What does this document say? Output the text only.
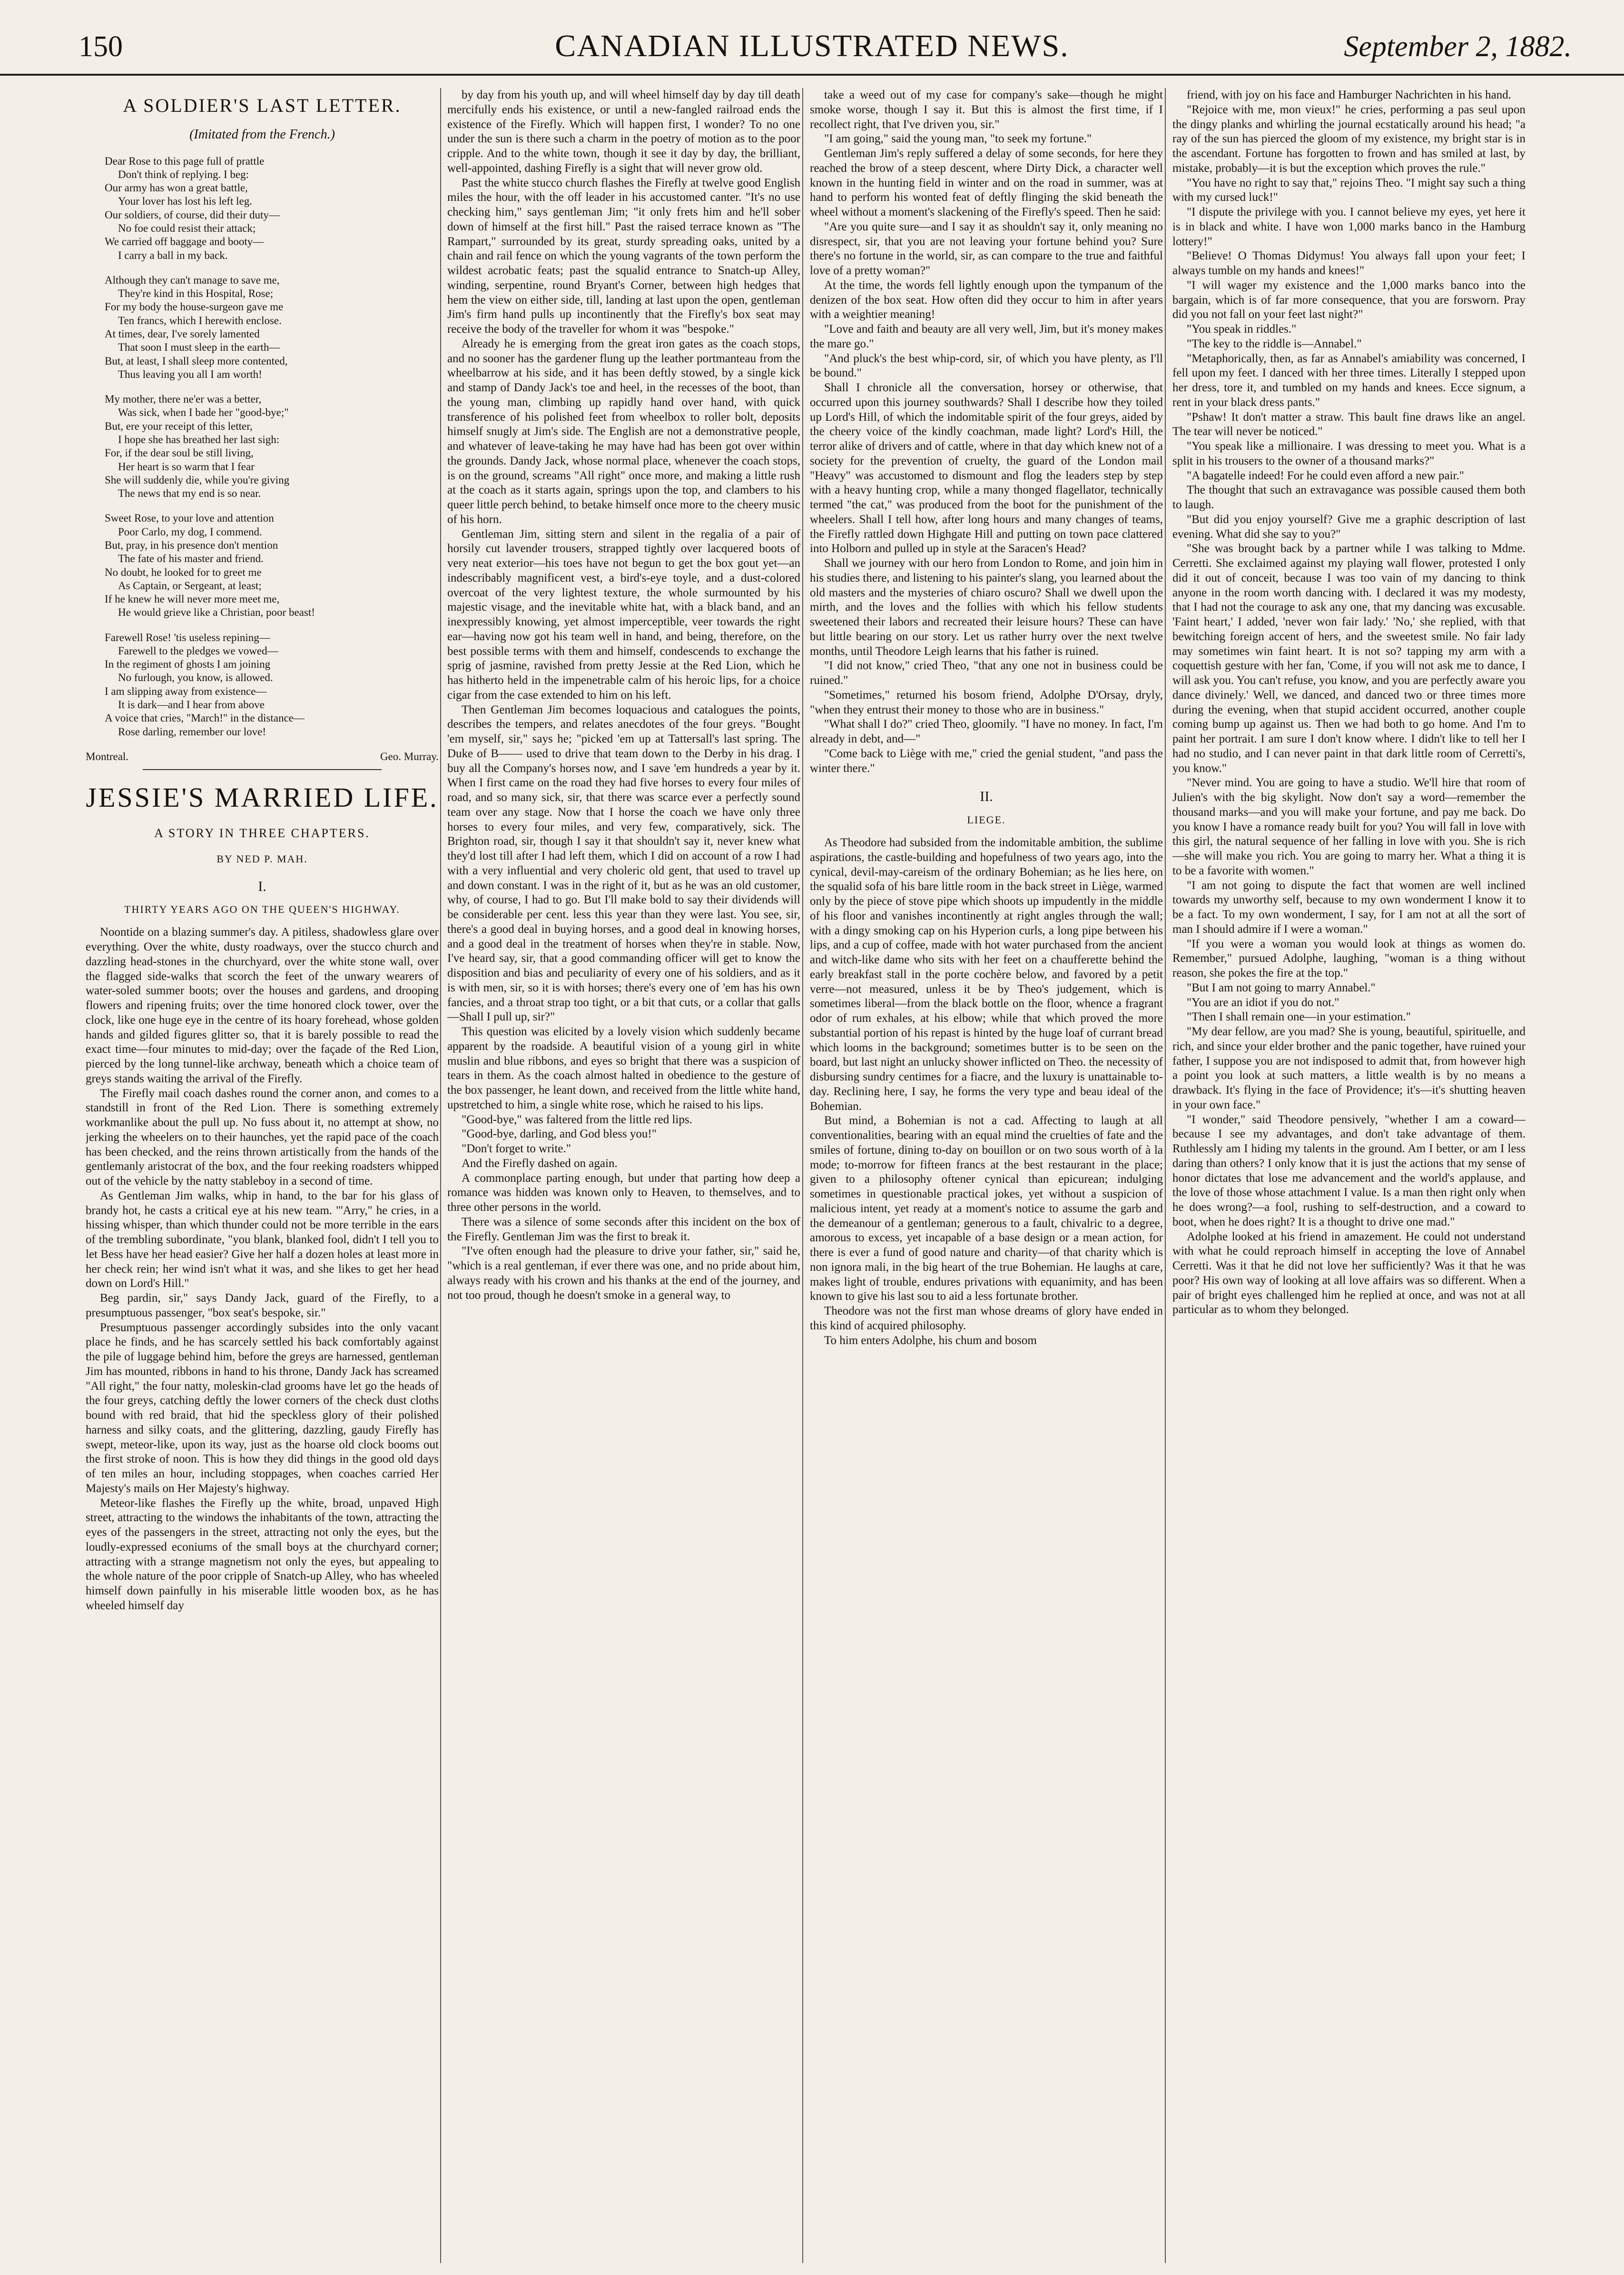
150	CANADIAN ILLUSTRATED NEWS.	September 2, 1882.
A SOLDIER'S LAST LETTER.
(Imitated from the French.)
Dear Rose to this page full of prattle
Don't think of replying. I beg:
Our army has won a great battle,
Your lover has lost his left leg.
Our soldiers, of course, did their duty—
No foe could resist their attack;
We carried off baggage and booty—
I carry a ball in my back.
Although they can't manage to save me,
They're kind in this Hospital, Rose;
For my body the house-surgeon gave me
Ten francs, which I herewith enclose.
At times, dear, I've sorely lamented
That soon I must sleep in the earth—
But, at least, I shall sleep more contented,
Thus leaving you all I am worth!
My mother, there ne'er was a better,
Was sick, when I bade her "good-bye;"
But, ere your receipt of this letter,
I hope she has breathed her last sigh:
For, if the dear soul be still living,
Her heart is so warm that I fear
She will suddenly die, while you're giving
The news that my end is so near.
Sweet Rose, to your love and attention
Poor Carlo, my dog, I commend.
But, pray, in his presence don't mention
The fate of his master and friend.
No doubt, he looked for to greet me
As Captain, or Sergeant, at least;
If he knew he will never more meet me,
He would grieve like a Christian, poor beast!
Farewell Rose! 'tis useless repining—
Farewell to the pledges we vowed—
In the regiment of ghosts I am joining
No furlough, you know, is allowed.
I am slipping away from existence—
It is dark—and I hear from above
A voice that cries, "March!" in the distance—
Rose darling, remember our love!
Montreal.	Geo. Murray.
JESSIE'S MARRIED LIFE.
A STORY IN THREE CHAPTERS.
BY NED P. MAH.
I.
THIRTY YEARS AGO ON THE QUEEN'S HIGHWAY.

Noontide on a blazing summer's day. A pitiless, shadowless glare over everything. Over the white, dusty roadways, over the stucco church and dazzling head-stones in the churchyard, over the white stone wall, over the flagged side-walks that scorch the feet of the unwary wearers of water-soled summer boots; over the houses and gardens, and drooping flowers and ripening fruits; over the time honored clock tower, over the clock, like one huge eye in the centre of its hoary forehead, whose golden hands and gilded figures glitter so, that it is barely possible to read the exact time—four minutes to mid-day; over the façade of the Red Lion, pierced by the long tunnel-like archway, beneath which a choice team of greys stands waiting the arrival of the Firefly.

The Firefly mail coach dashes round the corner anon, and comes to a standstill in front of the Red Lion. There is something extremely workmanlike about the pull up. No fuss about it, no attempt at show, no jerking the wheelers on to their haunches, yet the rapid pace of the coach has been checked, and the reins thrown artistically from the hands of the gentlemanly aristocrat of the box, and the four reeking roadsters whipped out of the vehicle by the natty stableboy in a second of time.

As Gentleman Jim walks, whip in hand, to the bar for his glass of brandy hot, he casts a critical eye at his new team. "'Arry," he cries, in a hissing whisper, than which thunder could not be more terrible in the ears of the trembling subordinate, "you blank, blanked fool, didn't I tell you to let Bess have her head easier? Give her half a dozen holes at least more in her check rein; her wind isn't what it was, and she likes to get her head down on Lord's Hill."

Beg pardin, sir," says Dandy Jack, guard of the Firefly, to a presumptuous passenger, "box seat's bespoke, sir."

Presumptuous passenger accordingly subsides into the only vacant place he finds, and he has scarcely settled his back comfortably against the pile of luggage behind him, before the greys are harnessed, gentleman Jim has mounted, ribbons in hand to his throne, Dandy Jack has screamed "All right," the four natty, moleskin-clad grooms have let go the heads of the four greys, catching deftly the lower corners of the check dust cloths bound with red braid, that hid the speckless glory of their polished harness and silky coats, and the glittering, dazzling, gaudy Firefly has swept, meteor-like, upon its way, just as the hoarse old clock booms out the first stroke of noon. This is how they did things in the good old days of ten miles an hour, including stoppages, when coaches carried Her Majesty's mails on Her Majesty's highway.

Meteor-like flashes the Firefly up the white, broad, unpaved High street, attracting to the windows the inhabitants of the town, attracting the eyes of the passengers in the street, attracting not only the eyes, but the loudly-expressed econiums of the small boys at the churchyard corner; attracting with a strange magnetism not only the eyes, but appealing to the whole nature of the poor cripple of Snatch-up Alley, who has wheeled himself down painfully in his miserable little wooden box, as he has wheeled himself day

by day from his youth up, and will wheel himself day by day till death mercifully ends his existence, or until a new-fangled railroad ends the existence of the Firefly. Which will happen first, I wonder? To no one under the sun is there such a charm in the poetry of motion as to the poor cripple. And to the white town, though it see it day by day, the brilliant, well-appointed, dashing Firefly is a sight that will never grow old.

Past the white stucco church flashes the Firefly at twelve good English miles the hour, with the off leader in his accustomed canter. "It's no use checking him," says gentleman Jim; "it only frets him and he'll sober down of himself at the first hill." Past the raised terrace known as "The Rampart," surrounded by its great, sturdy spreading oaks, united by a chain and rail fence on which the young vagrants of the town perform the wildest acrobatic feats; past the squalid entrance to Snatch-up Alley, winding, serpentine, round Bryant's Corner, between high hedges that hem the view on either side, till, landing at last upon the open, gentleman Jim's firm hand pulls up incontinently that the Firefly's box seat may receive the body of the traveller for whom it was "bespoke."

Already he is emerging from the great iron gates as the coach stops, and no sooner has the gardener flung up the leather portmanteau from the wheelbarrow at his side, and it has been deftly stowed, by a single kick and stamp of Dandy Jack's toe and heel, in the recesses of the boot, than the young man, climbing up rapidly hand over hand, with quick transference of his polished feet from wheelbox to roller bolt, deposits himself snugly at Jim's side. The English are not a demonstrative people, and whatever of leave-taking he may have had has been got over within the grounds. Dandy Jack, whose normal place, whenever the coach stops, is on the ground, screams "All right" once more, and making a little rush at the coach as it starts again, springs upon the top, and clambers to his queer little perch behind, to betake himself once more to the cheery music of his horn.

Gentleman Jim, sitting stern and silent in the regalia of a pair of horsily cut lavender trousers, strapped tightly over lacquered boots of very neat exterior—his toes have not begun to get the box gout yet—an indescribably magnificent vest, a bird's-eye toyle, and a dust-colored overcoat of the very lightest texture, the whole surmounted by his majestic visage, and the inevitable white hat, with a black band, and an inexpressibly knowing, yet almost imperceptible, veer towards the right ear—having now got his team well in hand, and being, therefore, on the best possible terms with them and himself, condescends to exchange the sprig of jasmine, ravished from pretty Jessie at the Red Lion, which he has hitherto held in the impenetrable calm of his heroic lips, for a choice cigar from the case extended to him on his left.

Then Gentleman Jim becomes loquacious and catalogues the points, describes the tempers, and relates anecdotes of the four greys. "Bought 'em myself, sir," says he; "picked 'em up at Tattersall's last spring. The Duke of B—— used to drive that team down to the Derby in his drag. I buy all the Company's horses now, and I save 'em hundreds a year by it. When I first came on the road they had five horses to every four miles of road, and so many sick, sir, that there was scarce ever a perfectly sound team over any stage. Now that I horse the coach we have only three horses to every four miles, and very few, comparatively, sick. The Brighton road, sir, though I say it that shouldn't say it, never knew what they'd lost till after I had left them, which I did on account of a row I had with a very influential and very choleric old gent, that used to travel up and down constant. I was in the right of it, but as he was an old customer, why, of course, I had to go. But I'll make bold to say their dividends will be considerable per cent. less this year than they were last. You see, sir, there's a good deal in buying horses, and a good deal in knowing horses, and a good deal in the treatment of horses when they're in stable. Now, I've heard say, sir, that a good commanding officer will get to know the disposition and bias and peculiarity of every one of his soldiers, and as it is with men, sir, so it is with horses; there's every one of 'em has his own fancies, and a throat strap too tight, or a bit that cuts, or a collar that galls—Shall I pull up, sir?"

This question was elicited by a lovely vision which suddenly became apparent by the roadside. A beautiful vision of a young girl in white muslin and blue ribbons, and eyes so bright that there was a suspicion of tears in them. As the coach almost halted in obedience to the gesture of the box passenger, he leant down, and received from the little white hand, upstretched to him, a single white rose, which he raised to his lips.

"Good-bye," was faltered from the little red lips.

"Good-bye, darling, and God bless you!"

"Don't forget to write."

And the Firefly dashed on again.

A commonplace parting enough, but under that parting how deep a romance was hidden was known only to Heaven, to themselves, and to three other persons in the world.

There was a silence of some seconds after this incident on the box of the Firefly. Gentleman Jim was the first to break it.

"I've often enough had the pleasure to drive your father, sir," said he, "which is a real gentleman, if ever there was one, and no pride about him, always ready with his crown and his thanks at the end of the journey, and not too proud, though he doesn't smoke in a general way, to

take a weed out of my case for company's sake—though he might smoke worse, though I say it. But this is almost the first time, if I recollect right, that I've driven you, sir."

"I am going," said the young man, "to seek my fortune."

Gentleman Jim's reply suffered a delay of some seconds, for here they reached the brow of a steep descent, where Dirty Dick, a character well known in the hunting field in winter and on the road in summer, was at hand to perform his wonted feat of deftly flinging the skid beneath the wheel without a moment's slackening of the Firefly's speed. Then he said:

"Are you quite sure—and I say it as shouldn't say it, only meaning no disrespect, sir, that you are not leaving your fortune behind you? Sure there's no fortune in the world, sir, as can compare to the true and faithful love of a pretty woman?"

At the time, the words fell lightly enough upon the tympanum of the denizen of the box seat. How often did they occur to him in after years with a weightier meaning!

"Love and faith and beauty are all very well, Jim, but it's money makes the mare go."

"And pluck's the best whip-cord, sir, of which you have plenty, as I'll be bound."

Shall I chronicle all the conversation, horsey or otherwise, that occurred upon this journey southwards? Shall I describe how they toiled up Lord's Hill, of which the indomitable spirit of the four greys, aided by the cheery voice of the kindly coachman, made light? Lord's Hill, the terror alike of drivers and of cattle, where in that day which knew not of a society for the prevention of cruelty, the guard of the London mail "Heavy" was accustomed to dismount and flog the leaders step by step with a heavy hunting crop, while a many thonged flagellator, technically termed "the cat," was produced from the boot for the punishment of the wheelers. Shall I tell how, after long hours and many changes of teams, the Firefly rattled down Highgate Hill and putting on town pace clattered into Holborn and pulled up in style at the Saracen's Head?

Shall we journey with our hero from London to Rome, and join him in his studies there, and listening to his painter's slang, you learned about the old masters and the mysteries of chiaro oscuro? Shall we dwell upon the mirth, and the loves and the follies with which his fellow students sweetened their labors and recreated their leisure hours? These can have but little bearing on our story. Let us rather hurry over the next twelve months, until Theodore Leigh learns that his father is ruined.

"I did not know," cried Theo, "that any one not in business could be ruined."

"Sometimes," returned his bosom friend, Adolphe D'Orsay, dryly, "when they entrust their money to those who are in business."

"What shall I do?" cried Theo, gloomily. "I have no money. In fact, I'm already in debt, and—"

"Come back to Liège with me," cried the genial student, "and pass the winter there."

II.
LIEGE.

As Theodore had subsided from the indomitable ambition, the sublime aspirations, the castle-building and hopefulness of two years ago, into the cynical, devil-may-careism of the ordinary Bohemian; as he lies here, on the squalid sofa of his bare little room in the back street in Liège, warmed only by the piece of stove pipe which shoots up impudently in the middle of his floor and vanishes incontinently at right angles through the wall; with a dingy smoking cap on his Hyperion curls, a long pipe between his lips, and a cup of coffee, made with hot water purchased from the ancient and witch-like dame who sits with her feet on a chaufferette behind the early breakfast stall in the porte cochère below, and favored by a petit verre—not measured, unless it be by Theo's judgement, which is sometimes liberal—from the black bottle on the floor, whence a fragrant odor of rum exhales, at his elbow; while that which proved the more substantial portion of his repast is hinted by the huge loaf of currant bread which looms in the background; sometimes butter is to be seen on the board, but last night an unlucky shower inflicted on Theo. the necessity of disbursing sundry centimes for a fiacre, and the luxury is unattainable to-day. Reclining here, I say, he forms the very type and beau ideal of the Bohemian.

But mind, a Bohemian is not a cad. Affecting to laugh at all conventionalities, bearing with an equal mind the cruelties of fate and the smiles of fortune, dining to-day on bouillon or on two sous worth of à la mode; to-morrow for fifteen francs at the best restaurant in the place; given to a philosophy oftener cynical than epicurean; indulging sometimes in questionable practical jokes, yet without a suspicion of malicious intent, yet ready at a moment's notice to assume the garb and the demeanour of a gentleman; generous to a fault, chivalric to a degree, amorous to excess, yet incapable of a base design or a mean action, for there is ever a fund of good nature and charity—of that charity which is non ignora mali, in the big heart of the true Bohemian. He laughs at care, makes light of trouble, endures privations with equanimity, and has been known to give his last sou to aid a less fortunate brother.

Theodore was not the first man whose dreams of glory have ended in this kind of acquired philosophy.

To him enters Adolphe, his chum and bosom

friend, with joy on his face and Hamburger Nachrichten in his hand.

"Rejoice with me, mon vieux!" he cries, performing a pas seul upon the dingy planks and whirling the journal ecstatically around his head; "a ray of the sun has pierced the gloom of my existence, my bright star is in the ascendant. Fortune has forgotten to frown and has smiled at last, by mistake, probably—it is but the exception which proves the rule."

"You have no right to say that," rejoins Theo. "I might say such a thing with my cursed luck!"

"I dispute the privilege with you. I cannot believe my eyes, yet here it is in black and white. I have won 1,000 marks banco in the Hamburg lottery!"

"Believe! O Thomas Didymus! You always fall upon your feet; I always tumble on my hands and knees!"

"I will wager my existence and the 1,000 marks banco into the bargain, which is of far more consequence, that you are forsworn. Pray did you not fall on your feet last night?"

"You speak in riddles."

"The key to the riddle is—Annabel."

"Metaphorically, then, as far as Annabel's amiability was concerned, I fell upon my feet. I danced with her three times. Literally I stepped upon her dress, tore it, and tumbled on my hands and knees. Ecce signum, a rent in your black dress pants."

"Pshaw! It don't matter a straw. This bault fine draws like an angel. The tear will never be noticed."

"You speak like a millionaire. I was dressing to meet you. What is a split in his trousers to the owner of a thousand marks?"

"A bagatelle indeed! For he could even afford a new pair."

The thought that such an extravagance was possible caused them both to laugh.

"But did you enjoy yourself? Give me a graphic description of last evening. What did she say to you?"

"She was brought back by a partner while I was talking to Mdme. Cerretti. She exclaimed against my playing wall flower, protested I only did it out of conceit, because I was too vain of my dancing to think anyone in the room worth dancing with. I declared it was my modesty, that I had not the courage to ask any one, that my dancing was excusable. 'Faint heart,' I added, 'never won fair lady.' 'No,' she replied, with that bewitching foreign accent of hers, and the sweetest smile. No fair lady may sometimes win faint heart. It is not so? tapping my arm with a coquettish gesture with her fan, 'Come, if you will not ask me to dance, I will ask you. You can't refuse, you know, and you are perfectly aware you dance divinely.' Well, we danced, and danced two or three times more during the evening, when that stupid accident occurred, another couple coming bump up against us. Then we had both to go home. And I'm to paint her portrait. I am sure I don't know where. I didn't like to tell her I had no studio, and I can never paint in that dark little room of Cerretti's, you know."

"Never mind. You are going to have a studio. We'll hire that room of Julien's with the big skylight. Now don't say a word—remember the thousand marks—and you will make your fortune, and pay me back. Do you know I have a romance ready built for you? You will fall in love with this girl, the natural sequence of her falling in love with you. She is rich—she will make you rich. You are going to marry her. What a thing it is to be a favorite with women."

"I am not going to dispute the fact that women are well inclined towards my unworthy self, because to my own wonderment I know it to be a fact. To my own wonderment, I say, for I am not at all the sort of man I should admire if I were a woman."

"If you were a woman you would look at things as women do. Remember," pursued Adolphe, laughing, "woman is a thing without reason, she pokes the fire at the top."

"But I am not going to marry Annabel."

"You are an idiot if you do not."

"Then I shall remain one—in your estimation."

"My dear fellow, are you mad? She is young, beautiful, spirituelle, and rich, and since your elder brother and the panic together, have ruined your father, I suppose you are not indisposed to admit that, from however high a point you look at such matters, a little wealth is by no means a drawback. It's flying in the face of Providence; it's—it's shutting heaven in your own face."

"I wonder," said Theodore pensively, "whether I am a coward—because I see my advantages, and don't take advantage of them. Ruthlessly am I hiding my talents in the ground. Am I better, or am I less daring than others? I only know that it is just the actions that my sense of honor dictates that lose me advancement and the world's applause, and the love of those whose attachment I value. Is a man then right only when he does wrong?—a fool, rushing to self-destruction, and a coward to boot, when he does right? It is a thought to drive one mad."

Adolphe looked at his friend in amazement. He could not understand with what he could reproach himself in accepting the love of Annabel Cerretti. Was it that he did not love her sufficiently? Was it that he was poor? His own way of looking at all love affairs was so different. When a pair of bright eyes challenged him he replied at once, and was not at all particular as to whom they belonged.
